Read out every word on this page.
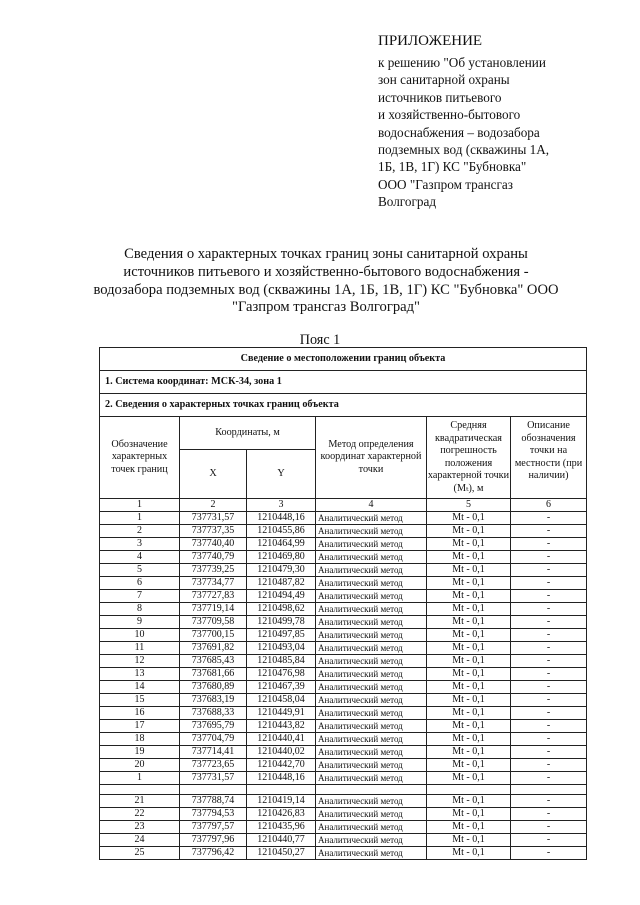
ПРИЛОЖЕНИЕ
к решению "Об установлении
зон санитарной охраны
источников питьевого
и хозяйственно-бытового
водоснабжения – водозабора
подземных вод (скважины 1А,
1Б, 1В, 1Г) КС "Бубновка"
ООО "Газпром трансгаз
Волгоград
Сведения о характерных точках границ зоны санитарной охраны
источников питьевого и хозяйственно-бытового водоснабжения -
водозабора подземных вод (скважины 1А, 1Б, 1В, 1Г) КС "Бубновка" ООО
"Газпром трансгаз Волгоград"
Пояс 1
Сведение о местоположении границ объекта					
1. Система координат: МСК-34, зона 1					
2. Сведения о характерных точках границ объекта					
Обозначение характерных точек границ	Координаты, м		Метод определения координат характерной точки	Средняя квадратическая погрешность положения характерной точки (Mₜ), м	Описание обозначения точки на местности (при наличии)
	X	Y			
1	2	3	4	5	6
1	737731,57	1210448,16	Аналитический метод	Mt - 0,1	-
2	737737,35	1210455,86	Аналитический метод	Mt - 0,1	-
3	737740,40	1210464,99	Аналитический метод	Mt - 0,1	-
4	737740,79	1210469,80	Аналитический метод	Mt - 0,1	-
5	737739,25	1210479,30	Аналитический метод	Mt - 0,1	-
6	737734,77	1210487,82	Аналитический метод	Mt - 0,1	-
7	737727,83	1210494,49	Аналитический метод	Mt - 0,1	-
8	737719,14	1210498,62	Аналитический метод	Mt - 0,1	-
9	737709,58	1210499,78	Аналитический метод	Mt - 0,1	-
10	737700,15	1210497,85	Аналитический метод	Mt - 0,1	-
11	737691,82	1210493,04	Аналитический метод	Mt - 0,1	-
12	737685,43	1210485,84	Аналитический метод	Mt - 0,1	-
13	737681,66	1210476,98	Аналитический метод	Mt - 0,1	-
14	737680,89	1210467,39	Аналитический метод	Mt - 0,1	-
15	737683,19	1210458,04	Аналитический метод	Mt - 0,1	-
16	737688,33	1210449,91	Аналитический метод	Mt - 0,1	-
17	737695,79	1210443,82	Аналитический метод	Mt - 0,1	-
18	737704,79	1210440,41	Аналитический метод	Mt - 0,1	-
19	737714,41	1210440,02	Аналитический метод	Mt - 0,1	-
20	737723,65	1210442,70	Аналитический метод	Mt - 0,1	-
1	737731,57	1210448,16	Аналитический метод	Mt - 0,1	-

21	737788,74	1210419,14	Аналитический метод	Mt - 0,1	-
22	737794,53	1210426,83	Аналитический метод	Mt - 0,1	-
23	737797,57	1210435,96	Аналитический метод	Mt - 0,1	-
24	737797,96	1210440,77	Аналитический метод	Mt - 0,1	-
25	737796,42	1210450,27	Аналитический метод	Mt - 0,1	-
